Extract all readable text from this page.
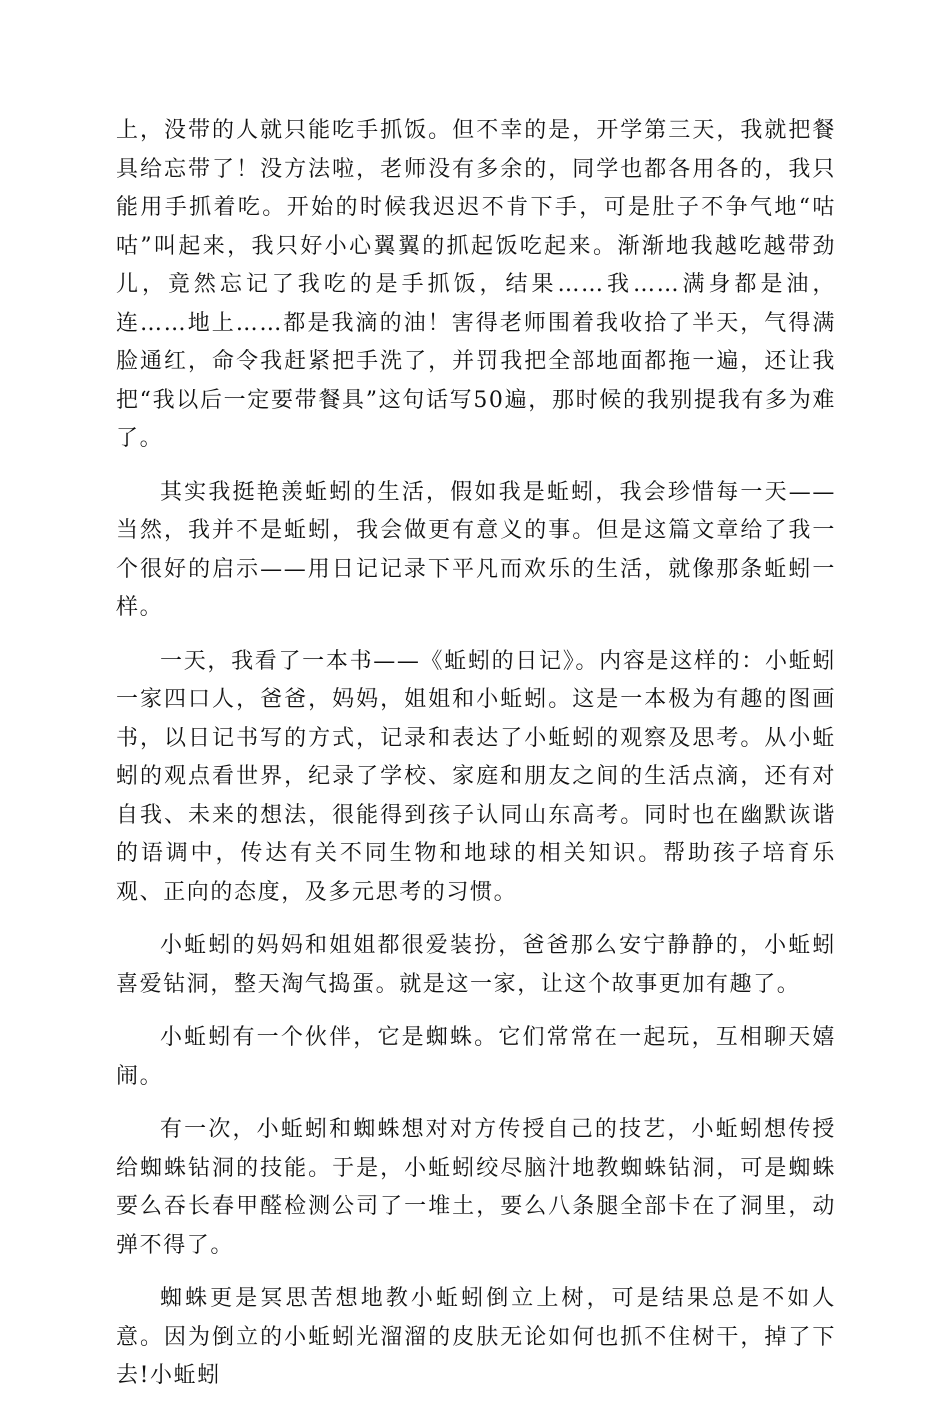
上，没带的人就只能吃手抓饭。但不幸的是，开学第三天，我就把餐具给忘带了！没方法啦，老师没有多余的，同学也都各用各的，我只能用手抓着吃。开始的时候我迟迟不肯下手，可是肚子不争气地“咕咕”叫起来，我只好小心翼翼的抓起饭吃起来。渐渐地我越吃越带劲儿，竟然忘记了我吃的是手抓饭，结果……我……满身都是油，连……地上……都是我滴的油！害得老师围着我收拾了半天，气得满脸通红，命令我赶紧把手洗了，并罚我把全部地面都拖一遍，还让我把“我以后一定要带餐具”这句话写50遍，那时候的我别提我有多为难了。

其实我挺艳羡蚯蚓的生活，假如我是蚯蚓，我会珍惜每一天——当然，我并不是蚯蚓，我会做更有意义的事。但是这篇文章给了我一个很好的启示——用日记记录下平凡而欢乐的生活，就像那条蚯蚓一样。

一天，我看了一本书——《蚯蚓的日记》。内容是这样的：小蚯蚓一家四口人，爸爸，妈妈，姐姐和小蚯蚓。这是一本极为有趣的图画书，以日记书写的方式，记录和表达了小蚯蚓的观察及思考。从小蚯蚓的观点看世界，纪录了学校、家庭和朋友之间的生活点滴，还有对自我、未来的想法，很能得到孩子认同山东高考。同时也在幽默诙谐的语调中，传达有关不同生物和地球的相关知识。帮助孩子培育乐观、正向的态度，及多元思考的习惯。

小蚯蚓的妈妈和姐姐都很爱装扮，爸爸那么安宁静静的，小蚯蚓喜爱钻洞，整天淘气捣蛋。就是这一家，让这个故事更加有趣了。

小蚯蚓有一个伙伴，它是蜘蛛。它们常常在一起玩，互相聊天嬉闹。

有一次，小蚯蚓和蜘蛛想对对方传授自己的技艺，小蚯蚓想传授给蜘蛛钻洞的技能。于是，小蚯蚓绞尽脑汁地教蜘蛛钻洞，可是蜘蛛要么吞长春甲醛检测公司了一堆土，要么八条腿全部卡在了洞里，动弹不得了。

蜘蛛更是冥思苦想地教小蚯蚓倒立上树，可是结果总是不如人意。因为倒立的小蚯蚓光溜溜的皮肤无论如何也抓不住树干，掉了下去!小蚯蚓
